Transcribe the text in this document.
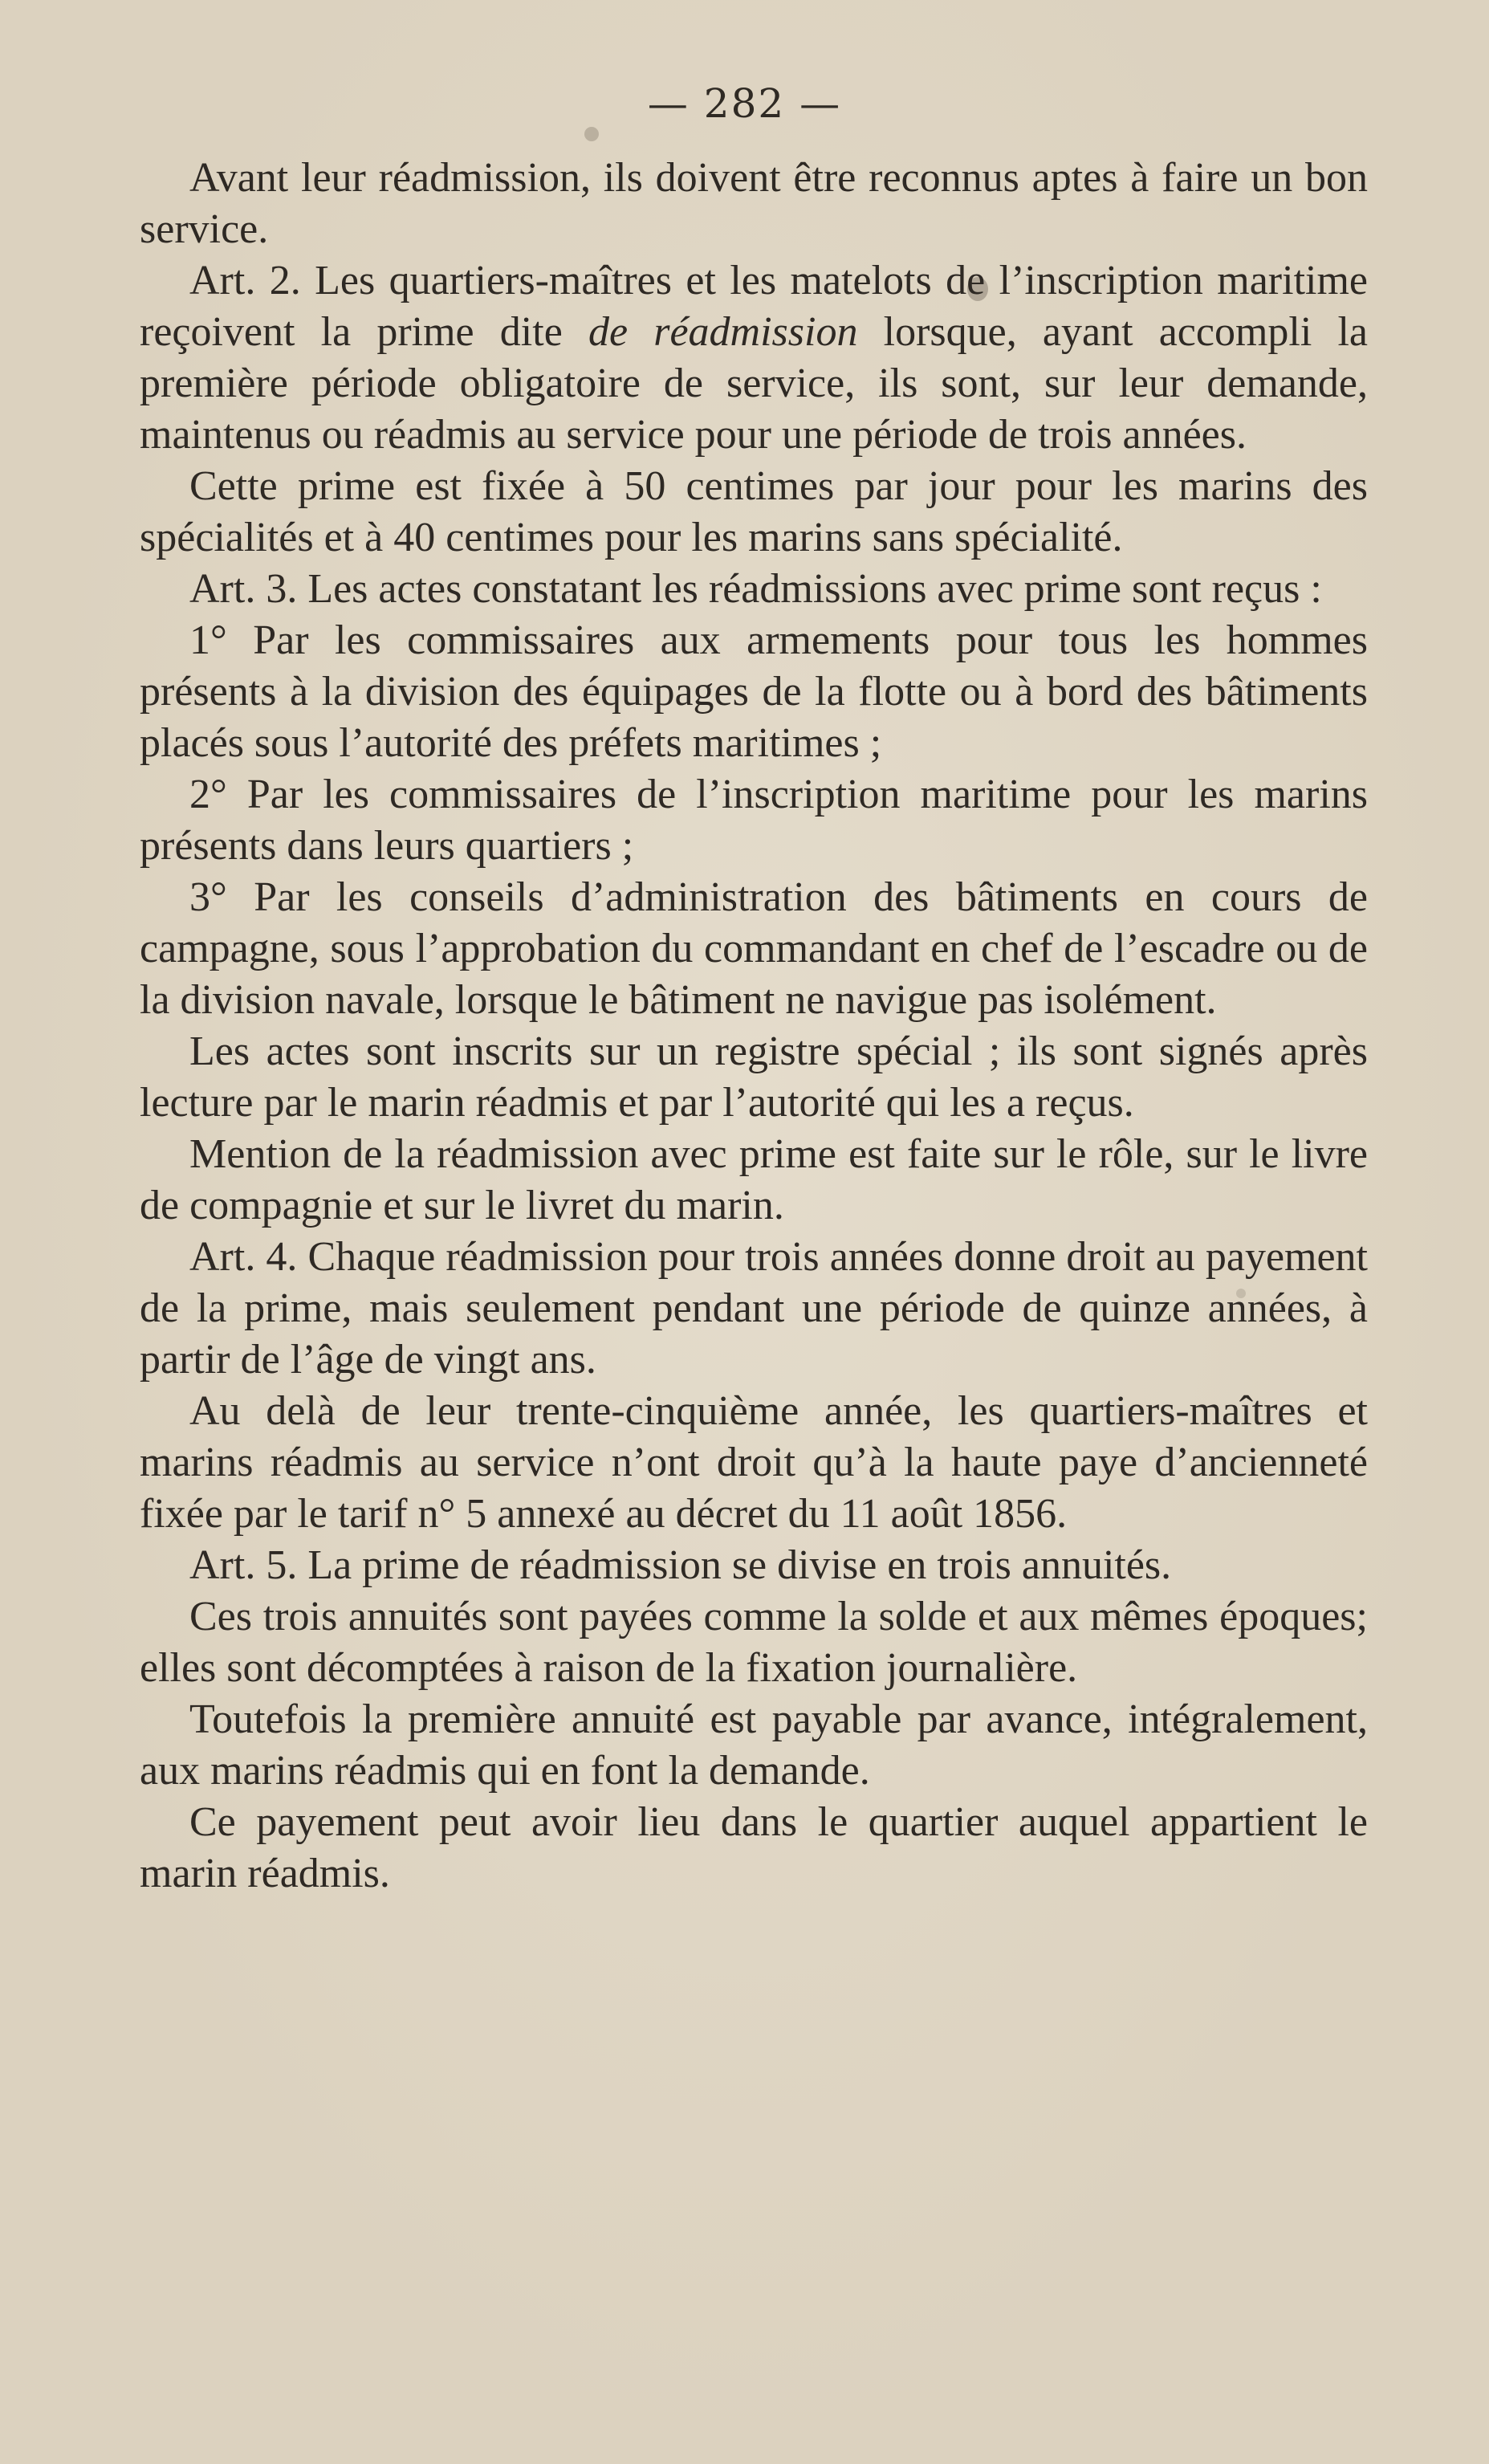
— 282 —

Avant leur réadmission, ils doivent être reconnus aptes à faire un bon service.

Art. 2. Les quartiers-maîtres et les matelots de l’inscription maritime reçoivent la prime dite de réadmission lorsque, ayant accompli la première période obligatoire de service, ils sont, sur leur demande, maintenus ou réadmis au service pour une période de trois années.

Cette prime est fixée à 50 centimes par jour pour les marins des spécialités et à 40 centimes pour les marins sans spécialité.

Art. 3. Les actes constatant les réadmissions avec prime sont reçus :

1° Par les commissaires aux armements pour tous les hommes présents à la division des équipages de la flotte ou à bord des bâtiments placés sous l’autorité des préfets maritimes ;

2° Par les commissaires de l’inscription maritime pour les marins présents dans leurs quartiers ;

3° Par les conseils d’administration des bâtiments en cours de campagne, sous l’approbation du commandant en chef de l’escadre ou de la division navale, lorsque le bâtiment ne navigue pas isolément.

Les actes sont inscrits sur un registre spécial ; ils sont signés après lecture par le marin réadmis et par l’autorité qui les a reçus.

Mention de la réadmission avec prime est faite sur le rôle, sur le livre de compagnie et sur le livret du marin.

Art. 4. Chaque réadmission pour trois années donne droit au payement de la prime, mais seulement pendant une période de quinze années, à partir de l’âge de vingt ans.

Au delà de leur trente-cinquième année, les quartiers-maîtres et marins réadmis au service n’ont droit qu’à la haute paye d’ancienneté fixée par le tarif n° 5 annexé au décret du 11 août 1856.

Art. 5. La prime de réadmission se divise en trois annuités.

Ces trois annuités sont payées comme la solde et aux mêmes époques; elles sont décomptées à raison de la fixation journalière.

Toutefois la première annuité est payable par avance, intégralement, aux marins réadmis qui en font la demande.

Ce payement peut avoir lieu dans le quartier auquel appartient le marin réadmis.
